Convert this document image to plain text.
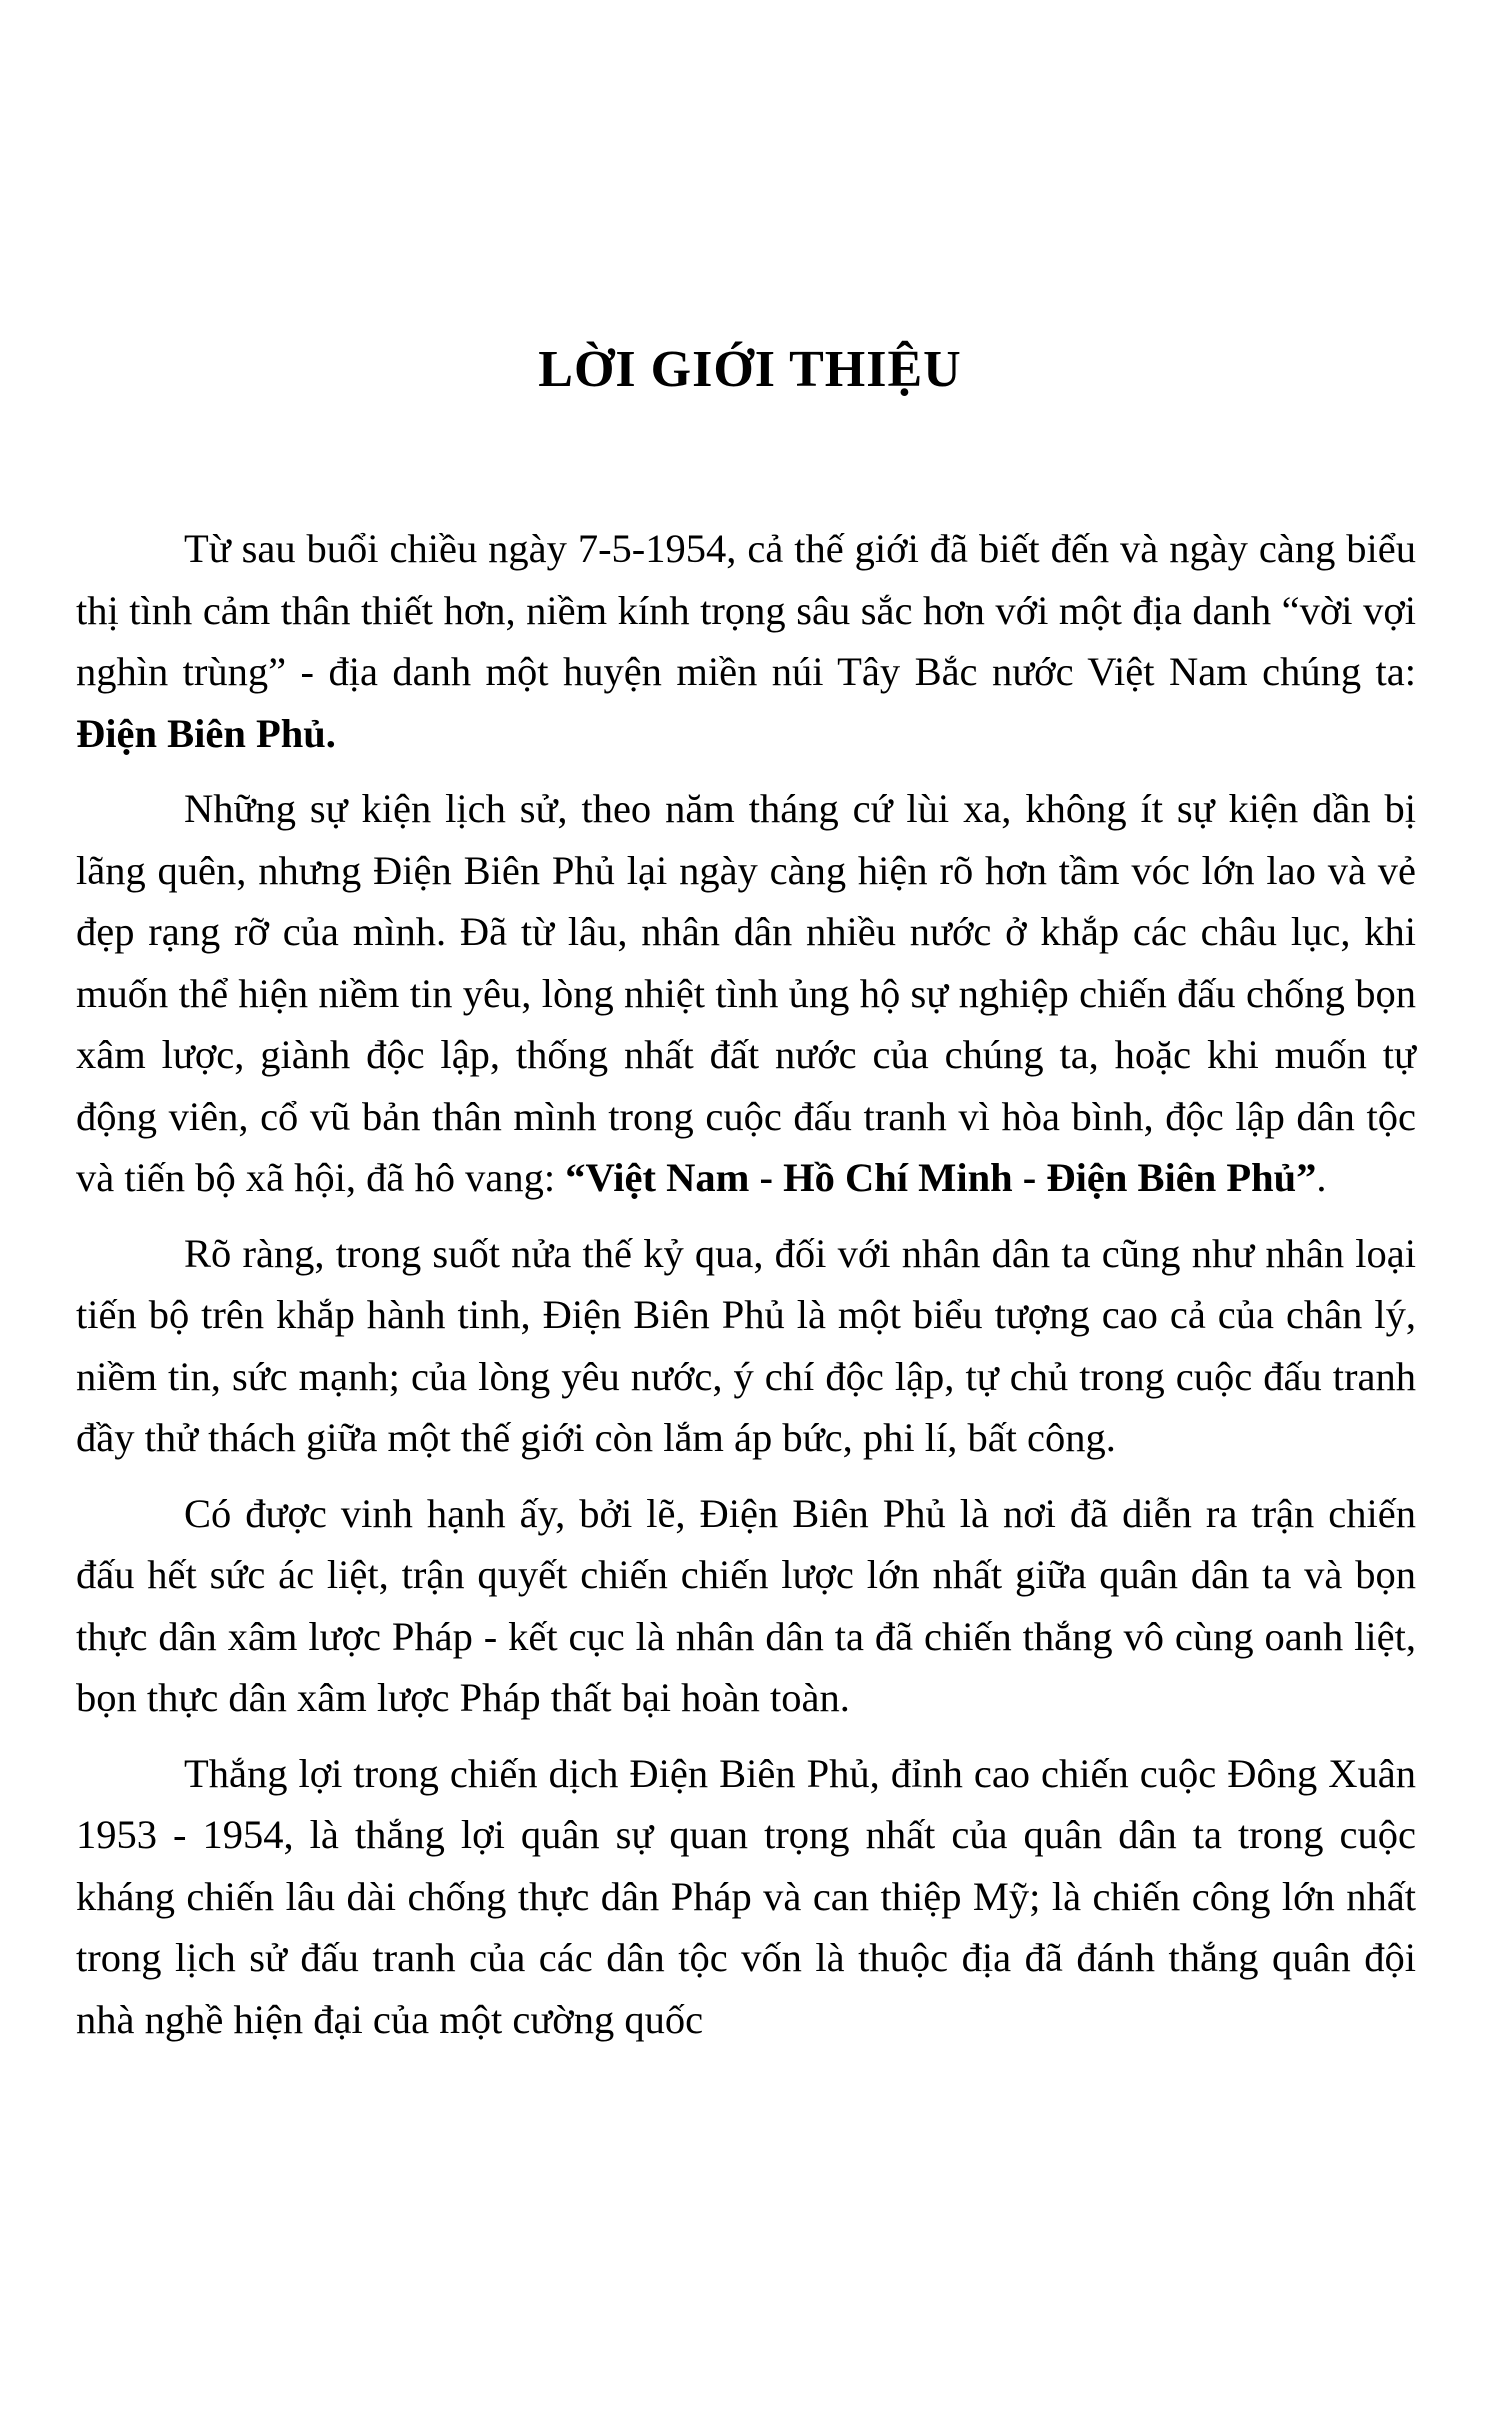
LỜI GIỚI THIỆU

Từ sau buổi chiều ngày 7-5-1954, cả thế giới đã biết đến và ngày càng biểu thị tình cảm thân thiết hơn, niềm kính trọng sâu sắc hơn với một địa danh “vời vợi nghìn trùng” - địa danh một huyện miền núi Tây Bắc nước Việt Nam chúng ta: Điện Biên Phủ.

Những sự kiện lịch sử, theo năm tháng cứ lùi xa, không ít sự kiện dần bị lãng quên, nhưng Điện Biên Phủ lại ngày càng hiện rõ hơn tầm vóc lớn lao và vẻ đẹp rạng rỡ của mình. Đã từ lâu, nhân dân nhiều nước ở khắp các châu lục, khi muốn thể hiện niềm tin yêu, lòng nhiệt tình ủng hộ sự nghiệp chiến đấu chống bọn xâm lược, giành độc lập, thống nhất đất nước của chúng ta, hoặc khi muốn tự động viên, cổ vũ bản thân mình trong cuộc đấu tranh vì hòa bình, độc lập dân tộc và tiến bộ xã hội, đã hô vang: “Việt Nam - Hồ Chí Minh - Điện Biên Phủ”.

Rõ ràng, trong suốt nửa thế kỷ qua, đối với nhân dân ta cũng như nhân loại tiến bộ trên khắp hành tinh, Điện Biên Phủ là một biểu tượng cao cả của chân lý, niềm tin, sức mạnh; của lòng yêu nước, ý chí độc lập, tự chủ trong cuộc đấu tranh đầy thử thách giữa một thế giới còn lắm áp bức, phi lí, bất công.

Có được vinh hạnh ấy, bởi lẽ, Điện Biên Phủ là nơi đã diễn ra trận chiến đấu hết sức ác liệt, trận quyết chiến chiến lược lớn nhất giữa quân dân ta và bọn thực dân xâm lược Pháp - kết cục là nhân dân ta đã chiến thắng vô cùng oanh liệt, bọn thực dân xâm lược Pháp thất bại hoàn toàn.

Thắng lợi trong chiến dịch Điện Biên Phủ, đỉnh cao chiến cuộc Đông Xuân 1953 - 1954, là thắng lợi quân sự quan trọng nhất của quân dân ta trong cuộc kháng chiến lâu dài chống thực dân Pháp và can thiệp Mỹ; là chiến công lớn nhất trong lịch sử đấu tranh của các dân tộc vốn là thuộc địa đã đánh thắng quân đội nhà nghề hiện đại của một cường quốc
